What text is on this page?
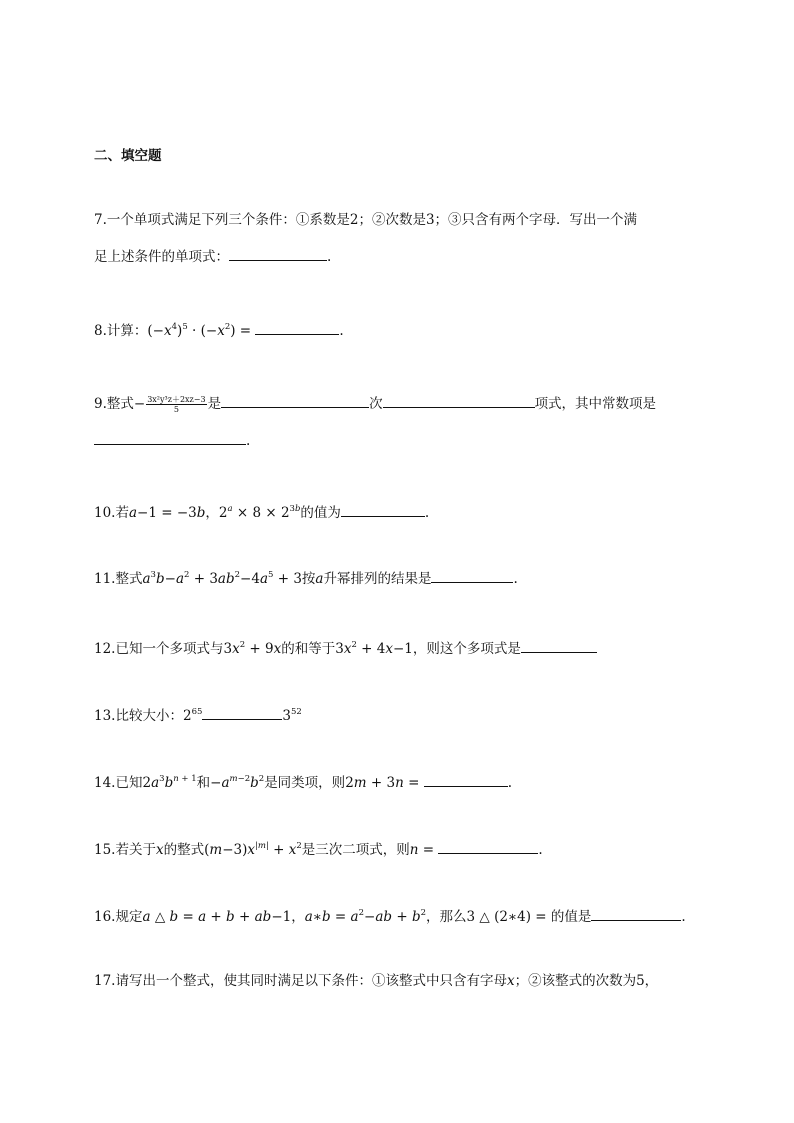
二、填空题
7.一个单项式满足下列三个条件：①系数是2；②次数是3；③只含有两个字母．写出一个满
足上述条件的单项式：	.
8.计算：$(-x^4)^5 \cdot (-x^2)$ =	.
9.整式− $\frac{\text{3x²y³z＋2xz−3}}{5}$ 是	次	项式，其中常数项是
.
10.若a−1 = −3b，$2^a \times 8 \times 2^{3b}$的值为	.
11.整式$a^3b-a^2 + 3ab^2-4a^5 + 3$按a升幂排列的结果是	.
12.已知一个多项式与$3x^2 + 9x$的和等于$3x^2 + 4x-1$，则这个多项式是
13.比较大小：$2^{65}$	$3^{52}$
14.已知$2a^3b^{n + 1}$和$-a^{m-2}b^2$是同类项，则2m + 3n =	.
15.若关于x的整式$(m-3)x^{|m|} + x^2$是三次二项式，则n =	.
16.规定a △ b = a + b + ab−1，a∗b = $a^2-ab + b^2$，那么3 △ (2∗4) = 的值是	.
17.请写出一个整式，使其同时满足以下条件：①该整式中只含有字母x；②该整式的次数为5，
